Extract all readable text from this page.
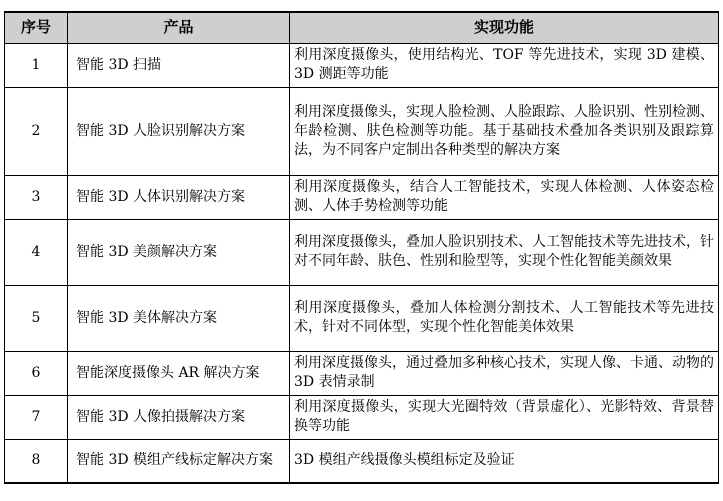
序号	产品	实现功能
1	智能 3D 扫描	利用深度摄像头，使用结构光、TOF 等先进技术，实现 3D 建模、3D 测距等功能
2	智能 3D 人脸识别解决方案	利用深度摄像头，实现人脸检测、人脸跟踪、人脸识别、性别检测、年龄检测、肤色检测等功能。基于基础技术叠加各类识别及跟踪算法，为不同客户定制出各种类型的解决方案
3	智能 3D 人体识别解决方案	利用深度摄像头，结合人工智能技术，实现人体检测、人体姿态检测、人体手势检测等功能
4	智能 3D 美颜解决方案	利用深度摄像头，叠加人脸识别技术、人工智能技术等先进技术，针对不同年龄、肤色、性别和脸型等，实现个性化智能美颜效果
5	智能 3D 美体解决方案	利用深度摄像头，叠加人体检测分割技术、人工智能技术等先进技术，针对不同体型，实现个性化智能美体效果
6	智能深度摄像头 AR 解决方案	利用深度摄像头，通过叠加多种核心技术，实现人像、卡通、动物的 3D 表情录制
7	智能 3D 人像拍摄解决方案	利用深度摄像头，实现大光圈特效（背景虚化）、光影特效、背景替换等功能
8	智能 3D 模组产线标定解决方案	3D 模组产线摄像头模组标定及验证
